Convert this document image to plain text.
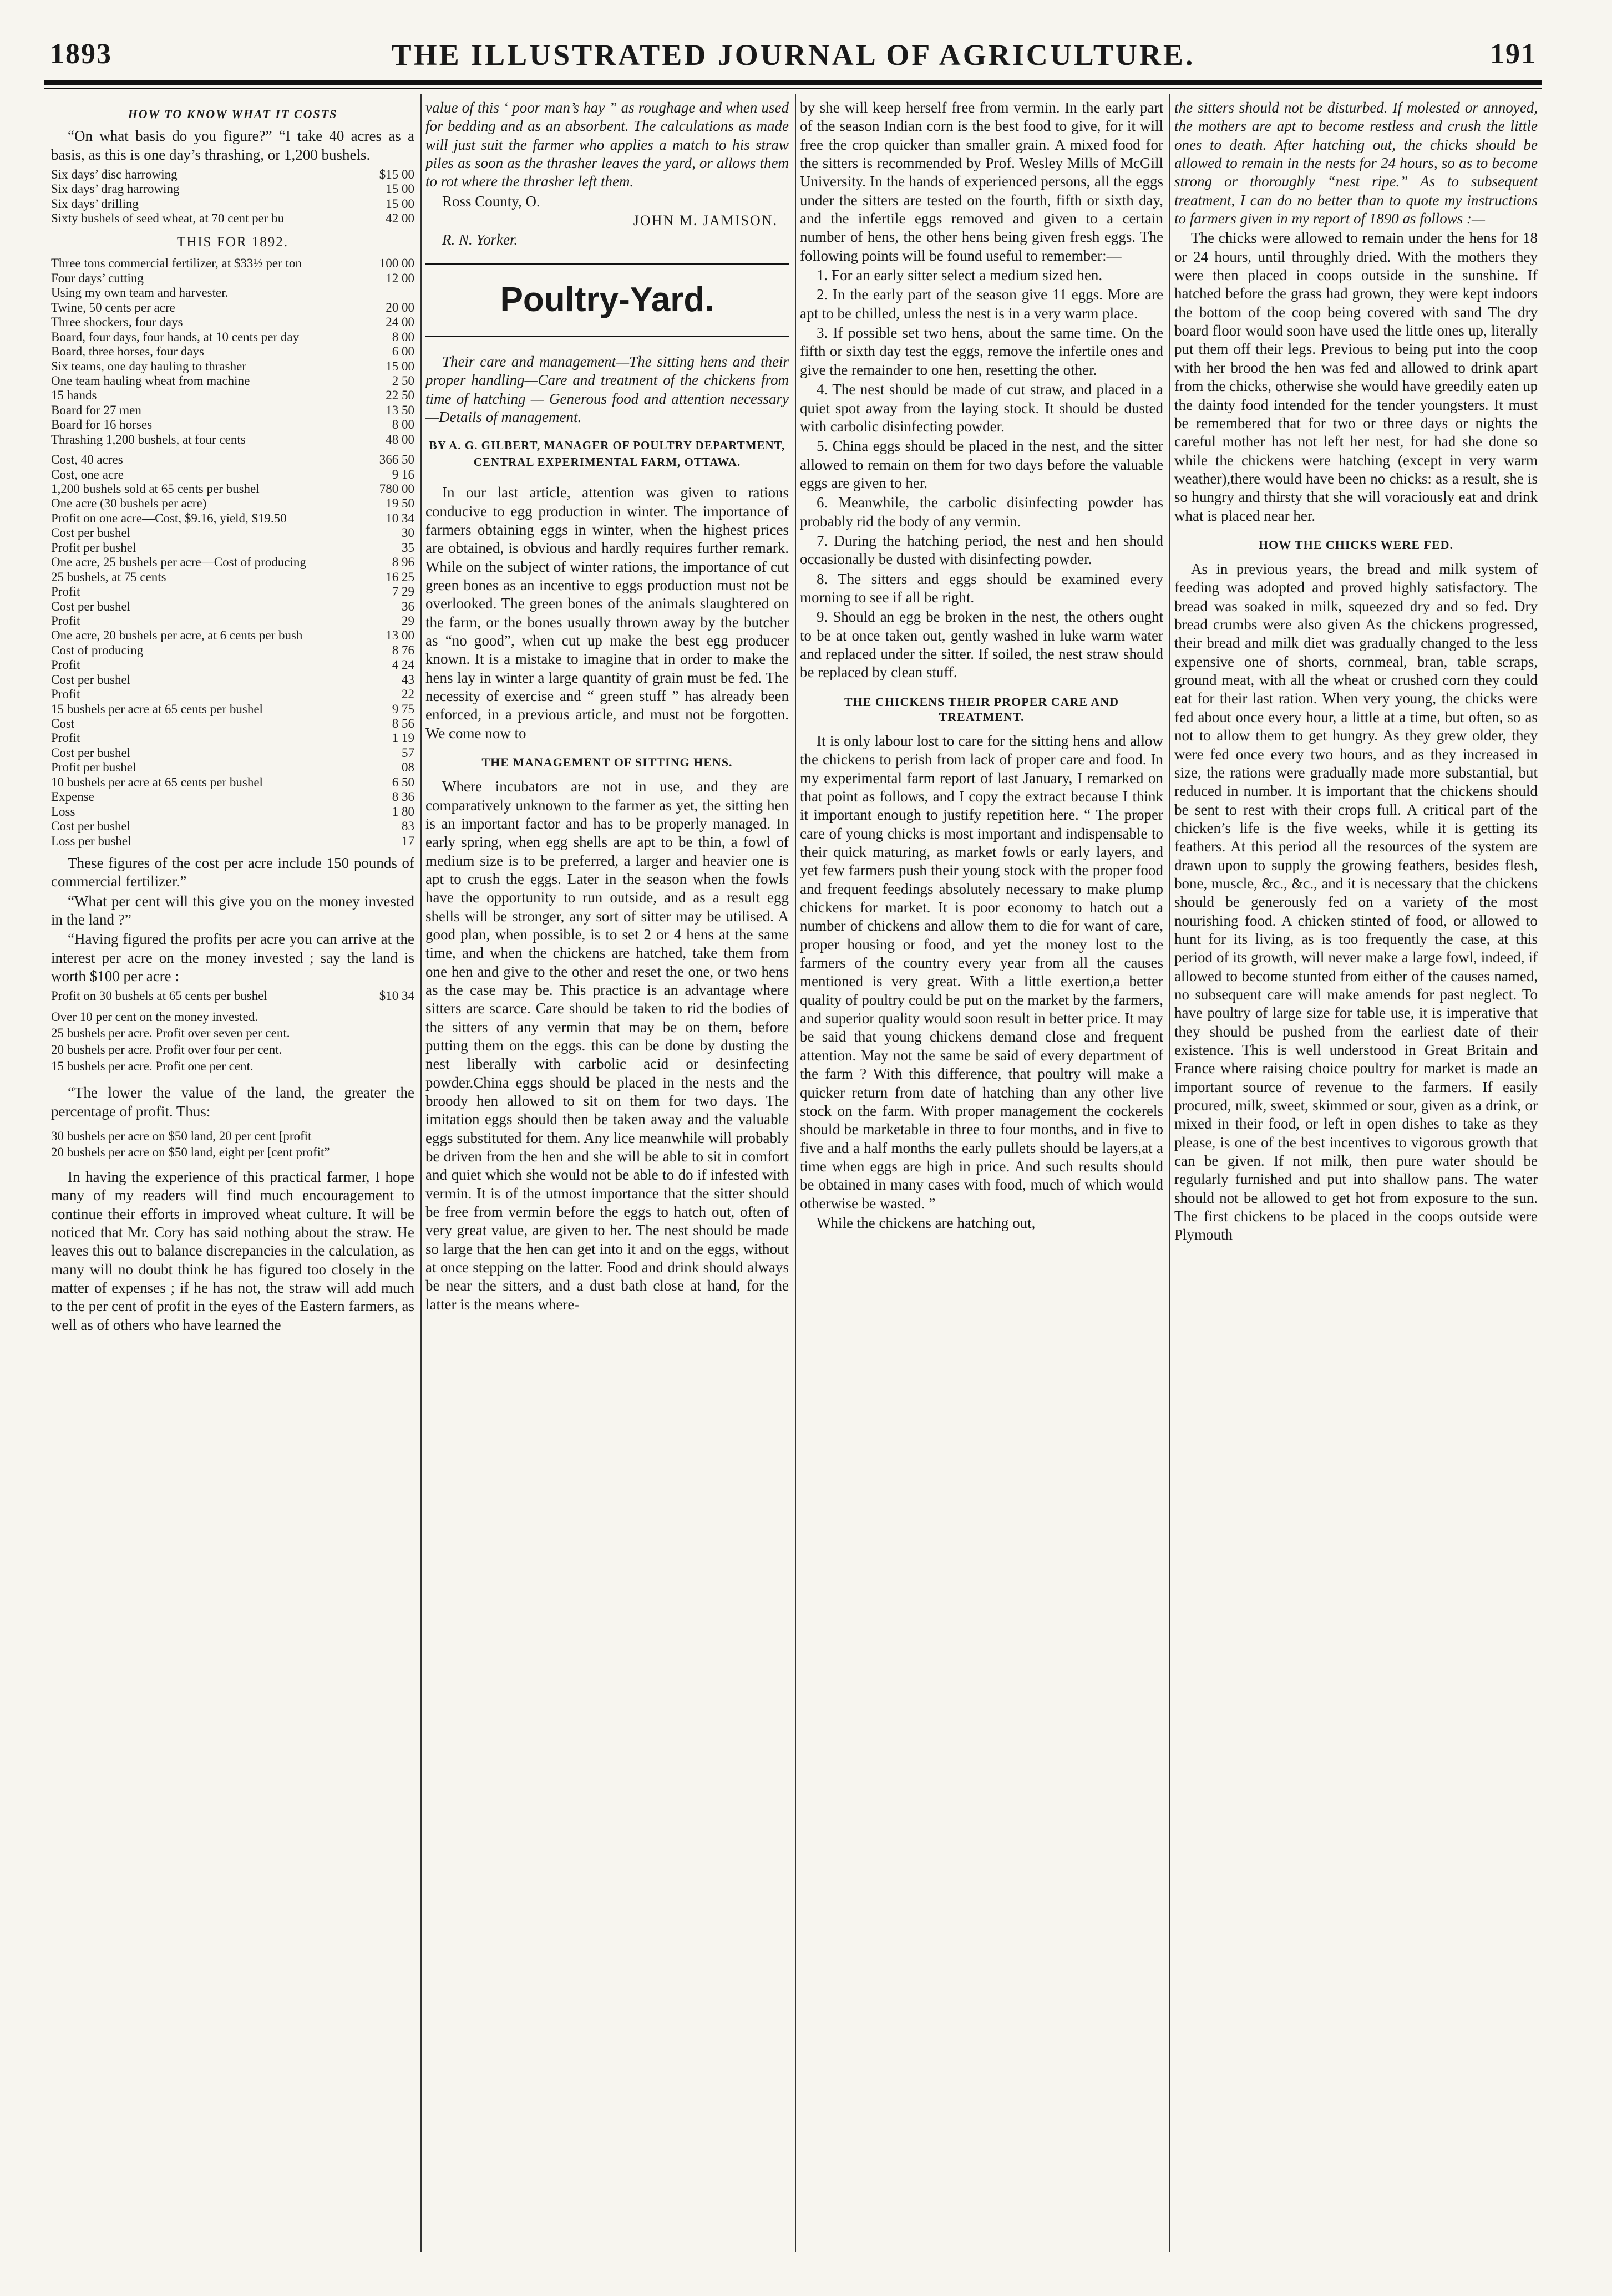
1893	THE ILLUSTRATED JOURNAL OF AGRICULTURE.	191

HOW TO KNOW WHAT IT COSTS

“On what basis do you figure?” “I take 40 acres as a basis, as this is one day’s thrashing, or 1,200 bushels.

Six days’ disc harrowing	$15 00
Six days’ drag harrowing	15 00
Six days’ drilling	15 00
Sixty bushels of seed wheat, at 70 cent per bu	42 00

THIS FOR 1892.

Three tons commercial fertilizer, at $33½ per ton	100 00
Four days’ cutting	12 00
Using my own team and harvester.	
Twine, 50 cents per acre	20 00
Three shockers, four days	24 00
Board, four days, four hands, at 10 cents per day	8 00
Board, three horses, four days	6 00
Six teams, one day hauling to thrasher	15 00
One team hauling wheat from machine	2 50
15 hands	22 50
Board for 27 men	13 50
Board for 16 horses	8 00
Thrashing 1,200 bushels, at four cents	48 00
Cost, 40 acres	366 50
Cost, one acre	9 16
1,200 bushels sold at 65 cents per bushel	780 00
One acre (30 bushels per acre)	19 50
Profit on one acre—Cost, $9.16, yield, $19.50	10 34
Cost per bushel	30
Profit per bushel	35
One acre, 25 bushels per acre—Cost of producing	8 96
25 bushels, at 75 cents	16 25
Profit	7 29
Cost per bushel	36
Profit	29
One acre, 20 bushels per acre, at 6 cents per bush	13 00
Cost of producing	8 76
Profit	4 24
Cost per bushel	43
Profit	22
15 bushels per acre at 65 cents per bushel	9 75
Cost	8 56
Profit	1 19
Cost per bushel	57
Profit per bushel	08
10 bushels per acre at 65 cents per bushel	6 50
Expense	8 36
Loss	1 80
Cost per bushel	83
Loss per bushel	17

These figures of the cost per acre include 150 pounds of commercial fertilizer.”

“What per cent will this give you on the money invested in the land ?”

“Having figured the profits per acre you can arrive at the interest per acre on the money invested ; say the land is worth $100 per acre :

Profit on 30 bushels at 65 cents per bushel	$10 34

Over 10 per cent on the money invested.

25 bushels per acre. Profit over seven per cent.

20 bushels per acre. Profit over four per cent.

15 bushels per acre. Profit one per cent.

“The lower the value of the land, the greater the percentage of profit. Thus:

30 bushels per acre on $50 land, 20 per cent [profit

20 bushels per acre on $50 land, eight per [cent profit”

In having the experience of this practical farmer, I hope many of my readers will find much encouragement to continue their efforts in improved wheat culture. It will be noticed that Mr. Cory has said nothing about the straw. He leaves this out to balance discrepancies in the calculation, as many will no doubt think he has figured too closely in the matter of expenses ; if he has not, the straw will add much to the per cent of profit in the eyes of the Eastern farmers, as well as of others who have learned the

value of this ‘ poor man’s hay ” as roughage and when used for bedding and as an absorbent. The calculations as made will just suit the farmer who applies a match to his straw piles as soon as the thrasher leaves the yard, or allows them to rot where the thrasher left them.

Ross County, O.

JOHN M. JAMISON.

R. N. Yorker.

Poultry-Yard.

Their care and management—The sitting hens and their proper handling—Care and treatment of the chickens from time of hatching — Generous food and attention necessary—Details of management.

BY A. G. GILBERT, MANAGER OF POULTRY DEPARTMENT, CENTRAL EXPERIMENTAL FARM, OTTAWA.

In our last article, attention was given to rations conducive to egg production in winter. The importance of farmers obtaining eggs in winter, when the highest prices are obtained, is obvious and hardly requires further remark. While on the subject of winter rations, the importance of cut green bones as an incentive to eggs production must not be overlooked. The green bones of the animals slaughtered on the farm, or the bones usually thrown away by the butcher as “no good”, when cut up make the best egg producer known. It is a mistake to imagine that in order to make the hens lay in winter a large quantity of grain must be fed. The necessity of exercise and “ green stuff ” has already been enforced, in a previous article, and must not be forgotten. We come now to

THE MANAGEMENT OF SITTING HENS.

Where incubators are not in use, and they are comparatively unknown to the farmer as yet, the sitting hen is an important factor and has to be properly managed. In early spring, when egg shells are apt to be thin, a fowl of medium size is to be preferred, a larger and heavier one is apt to crush the eggs. Later in the season when the fowls have the opportunity to run outside, and as a result egg shells will be stronger, any sort of sitter may be utilised. A good plan, when possible, is to set 2 or 4 hens at the same time, and when the chickens are hatched, take them from one hen and give to the other and reset the one, or two hens as the case may be. This practice is an advantage where sitters are scarce. Care should be taken to rid the bodies of the sitters of any vermin that may be on them, before putting them on the eggs. this can be done by dusting the nest liberally with carbolic acid or desinfecting powder.China eggs should be placed in the nests and the broody hen allowed to sit on them for two days. The imitation eggs should then be taken away and the valuable eggs substituted for them. Any lice meanwhile will probably be driven from the hen and she will be able to sit in comfort and quiet which she would not be able to do if infested with vermin. It is of the utmost importance that the sitter should be free from vermin before the eggs to hatch out, often of very great value, are given to her. The nest should be made so large that the hen can get into it and on the eggs, without at once stepping on the latter. Food and drink should always be near the sitters, and a dust bath close at hand, for the latter is the means where-

by she will keep herself free from vermin. In the early part of the season Indian corn is the best food to give, for it will free the crop quicker than smaller grain. A mixed food for the sitters is recommended by Prof. Wesley Mills of McGill University. In the hands of experienced persons, all the eggs under the sitters are tested on the fourth, fifth or sixth day, and the infertile eggs removed and given to a certain number of hens, the other hens being given fresh eggs. The following points will be found useful to remember:—

1. For an early sitter select a medium sized hen.

2. In the early part of the season give 11 eggs. More are apt to be chilled, unless the nest is in a very warm place.

3. If possible set two hens, about the same time. On the fifth or sixth day test the eggs, remove the infertile ones and give the remainder to one hen, resetting the other.

4. The nest should be made of cut straw, and placed in a quiet spot away from the laying stock. It should be dusted with carbolic disinfecting powder.

5. China eggs should be placed in the nest, and the sitter allowed to remain on them for two days before the valuable eggs are given to her.

6. Meanwhile, the carbolic disinfecting powder has probably rid the body of any vermin.

7. During the hatching period, the nest and hen should occasionally be dusted with disinfecting powder.

8. The sitters and eggs should be examined every morning to see if all be right.

9. Should an egg be broken in the nest, the others ought to be at once taken out, gently washed in luke warm water and replaced under the sitter. If soiled, the nest straw should be replaced by clean stuff.

THE CHICKENS THEIR PROPER CARE AND TREATMENT.

It is only labour lost to care for the sitting hens and allow the chickens to perish from lack of proper care and food. In my experimental farm report of last January, I remarked on that point as follows, and I copy the extract because I think it important enough to justify repetition here. “ The proper care of young chicks is most important and indispensable to their quick maturing, as market fowls or early layers, and yet few farmers push their young stock with the proper food and frequent feedings absolutely necessary to make plump chickens for market. It is poor economy to hatch out a number of chickens and allow them to die for want of care, proper housing or food, and yet the money lost to the farmers of the country every year from all the causes mentioned is very great. With a little exertion,a better quality of poultry could be put on the market by the farmers, and superior quality would soon result in better price. It may be said that young chickens demand close and frequent attention. May not the same be said of every department of the farm ? With this difference, that poultry will make a quicker return from date of hatching than any other live stock on the farm. With proper management the cockerels should be marketable in three to four months, and in five to five and a half months the early pullets should be layers,at a time when eggs are high in price. And such results should be obtained in many cases with food, much of which would otherwise be wasted. ”

While the chickens are hatching out,

the sitters should not be disturbed. If molested or annoyed, the mothers are apt to become restless and crush the little ones to death. After hatching out, the chicks should be allowed to remain in the nests for 24 hours, so as to become strong or thoroughly “nest ripe.” As to subsequent treatment, I can do no better than to quote my instructions to farmers given in my report of 1890 as follows :—

The chicks were allowed to remain under the hens for 18 or 24 hours, until throughly dried. With the mothers they were then placed in coops outside in the sunshine. If hatched before the grass had grown, they were kept indoors the bottom of the coop being covered with sand The dry board floor would soon have used the little ones up, literally put them off their legs. Previous to being put into the coop with her brood the hen was fed and allowed to drink apart from the chicks, otherwise she would have greedily eaten up the dainty food intended for the tender youngsters. It must be remembered that for two or three days or nights the careful mother has not left her nest, for had she done so while the chickens were hatching (except in very warm weather),there would have been no chicks: as a result, she is so hungry and thirsty that she will voraciously eat and drink what is placed near her.

HOW THE CHICKS WERE FED.

As in previous years, the bread and milk system of feeding was adopted and proved highly satisfactory. The bread was soaked in milk, squeezed dry and so fed. Dry bread crumbs were also given As the chickens progressed, their bread and milk diet was gradually changed to the less expensive one of shorts, cornmeal, bran, table scraps, ground meat, with all the wheat or crushed corn they could eat for their last ration. When very young, the chicks were fed about once every hour, a little at a time, but often, so as not to allow them to get hungry. As they grew older, they were fed once every two hours, and as they increased in size, the rations were gradually made more substantial, but reduced in number. It is important that the chickens should be sent to rest with their crops full. A critical part of the chicken’s life is the five weeks, while it is getting its feathers. At this period all the resources of the system are drawn upon to supply the growing feathers, besides flesh, bone, muscle, &c., &c., and it is necessary that the chickens should be generously fed on a variety of the most nourishing food. A chicken stinted of food, or allowed to hunt for its living, as is too frequently the case, at this period of its growth, will never make a large fowl, indeed, if allowed to become stunted from either of the causes named, no subsequent care will make amends for past neglect. To have poultry of large size for table use, it is imperative that they should be pushed from the earliest date of their existence. This is well understood in Great Britain and France where raising choice poultry for market is made an important source of revenue to the farmers. If easily procured, milk, sweet, skimmed or sour, given as a drink, or mixed in their food, or left in open dishes to take as they please, is one of the best incentives to vigorous growth that can be given. If not milk, then pure water should be regularly furnished and put into shallow pans. The water should not be allowed to get hot from exposure to the sun. The first chickens to be placed in the coops outside were Plymouth
